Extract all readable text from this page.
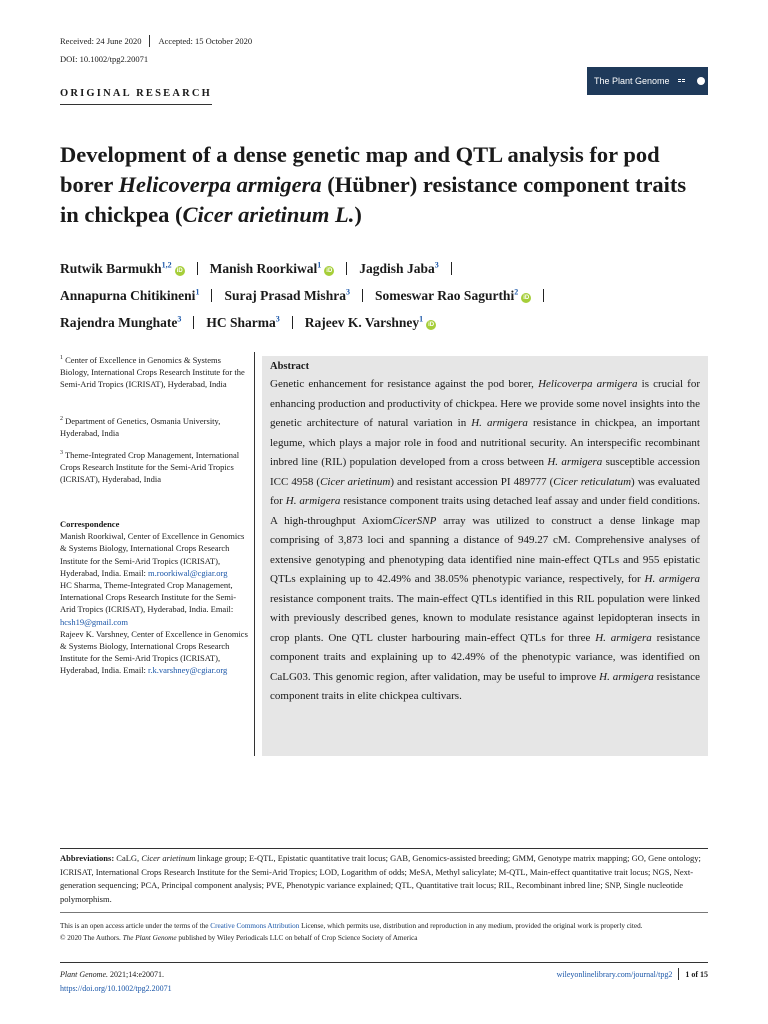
Received: 24 June 2020 Accepted: 15 October 2020
DOI: 10.1002/tpg2.20071
The Plant Genome
ORIGINAL RESEARCH
Development of a dense genetic map and QTL analysis for pod borer Helicoverpa armigera (Hübner) resistance component traits in chickpea (Cicer arietinum L.)
Rutwik Barmukh$^{1,2}$iD Manish Roorkiwal$^1$iD Jagdish Jaba$^3$
Annapurna Chitikineni$^1$ Suraj Prasad Mishra$^3$ Someswar Rao Sagurthi$^2$iD
Rajendra Munghate$^3$ HC Sharma$^3$ Rajeev K. Varshney$^1$iD
$^1$ Center of Excellence in Genomics & Systems Biology, International Crops Research Institute for the Semi-Arid Tropics (ICRISAT), Hyderabad, India
$^2$ Department of Genetics, Osmania University, Hyderabad, India
$^3$ Theme-Integrated Crop Management, International Crops Research Institute for the Semi-Arid Tropics (ICRISAT), Hyderabad, India
Correspondence
Manish Roorkiwal, Center of Excellence in Genomics & Systems Biology, International Crops Research Institute for the Semi-Arid Tropics (ICRISAT), Hyderabad, India. Email: m.roorkiwal@cgiar.org
HC Sharma, Theme-Integrated Crop Management, International Crops Research Institute for the Semi-Arid Tropics (ICRISAT), Hyderabad, India. Email: hcsh19@gmail.com
Rajeev K. Varshney, Center of Excellence in Genomics & Systems Biology, International Crops Research Institute for the Semi-Arid Tropics (ICRISAT), Hyderabad, India. Email: r.k.varshney@cgiar.org
Abstract

Genetic enhancement for resistance against the pod borer, Helicoverpa armigera is crucial for enhancing production and productivity of chickpea. Here we provide some novel insights into the genetic architecture of natural variation in H. armigera resistance in chickpea, an important legume, which plays a major role in food and nutritional security. An interspecific recombinant inbred line (RIL) population developed from a cross between H. armigera susceptible accession ICC 4958 (Cicer arietinum) and resistant accession PI 489777 (Cicer reticulatum) was evaluated for H. armigera resistance component traits using detached leaf assay and under field conditions. A high-throughput AxiomCicerSNP array was utilized to construct a dense linkage map comprising of 3,873 loci and spanning a distance of 949.27 cM. Comprehensive analyses of extensive genotyping and phenotyping data identified nine main-effect QTLs and 955 epistatic QTLs explaining up to 42.49% and 38.05% phenotypic variance, respectively, for H. armigera resistance component traits. The main-effect QTLs identified in this RIL population were linked with previously described genes, known to modulate resistance against lepidopteran insects in crop plants. One QTL cluster harbouring main-effect QTLs for three H. armigera resistance component traits and explaining up to 42.49% of the phenotypic variance, was identified on CaLG03. This genomic region, after validation, may be useful to improve H. armigera resistance component traits in elite chickpea cultivars.

Abbreviations: CaLG, Cicer arietinum linkage group; E-QTL, Epistatic quantitative trait locus; GAB, Genomics-assisted breeding; GMM, Genotype matrix mapping; GO, Gene ontology; ICRISAT, International Crops Research Institute for the Semi-Arid Tropics; LOD, Logarithm of odds; MeSA, Methyl salicylate; M-QTL, Main-effect quantitative trait locus; NGS, Next-generation sequencing; PCA, Principal component analysis; PVE, Phenotypic variance explained; QTL, Quantitative trait locus; RIL, Recombinant inbred line; SNP, Single nucleotide polymorphism.
This is an open access article under the terms of the Creative Commons Attribution License, which permits use, distribution and reproduction in any medium, provided the original work is properly cited.
© 2020 The Authors. The Plant Genome published by Wiley Periodicals LLC on behalf of Crop Science Society of America
Plant Genome. 2021;14:e20071.
https://doi.org/10.1002/tpg2.20071
wileyonlinelibrary.com/journal/tpg2 1 of 15
